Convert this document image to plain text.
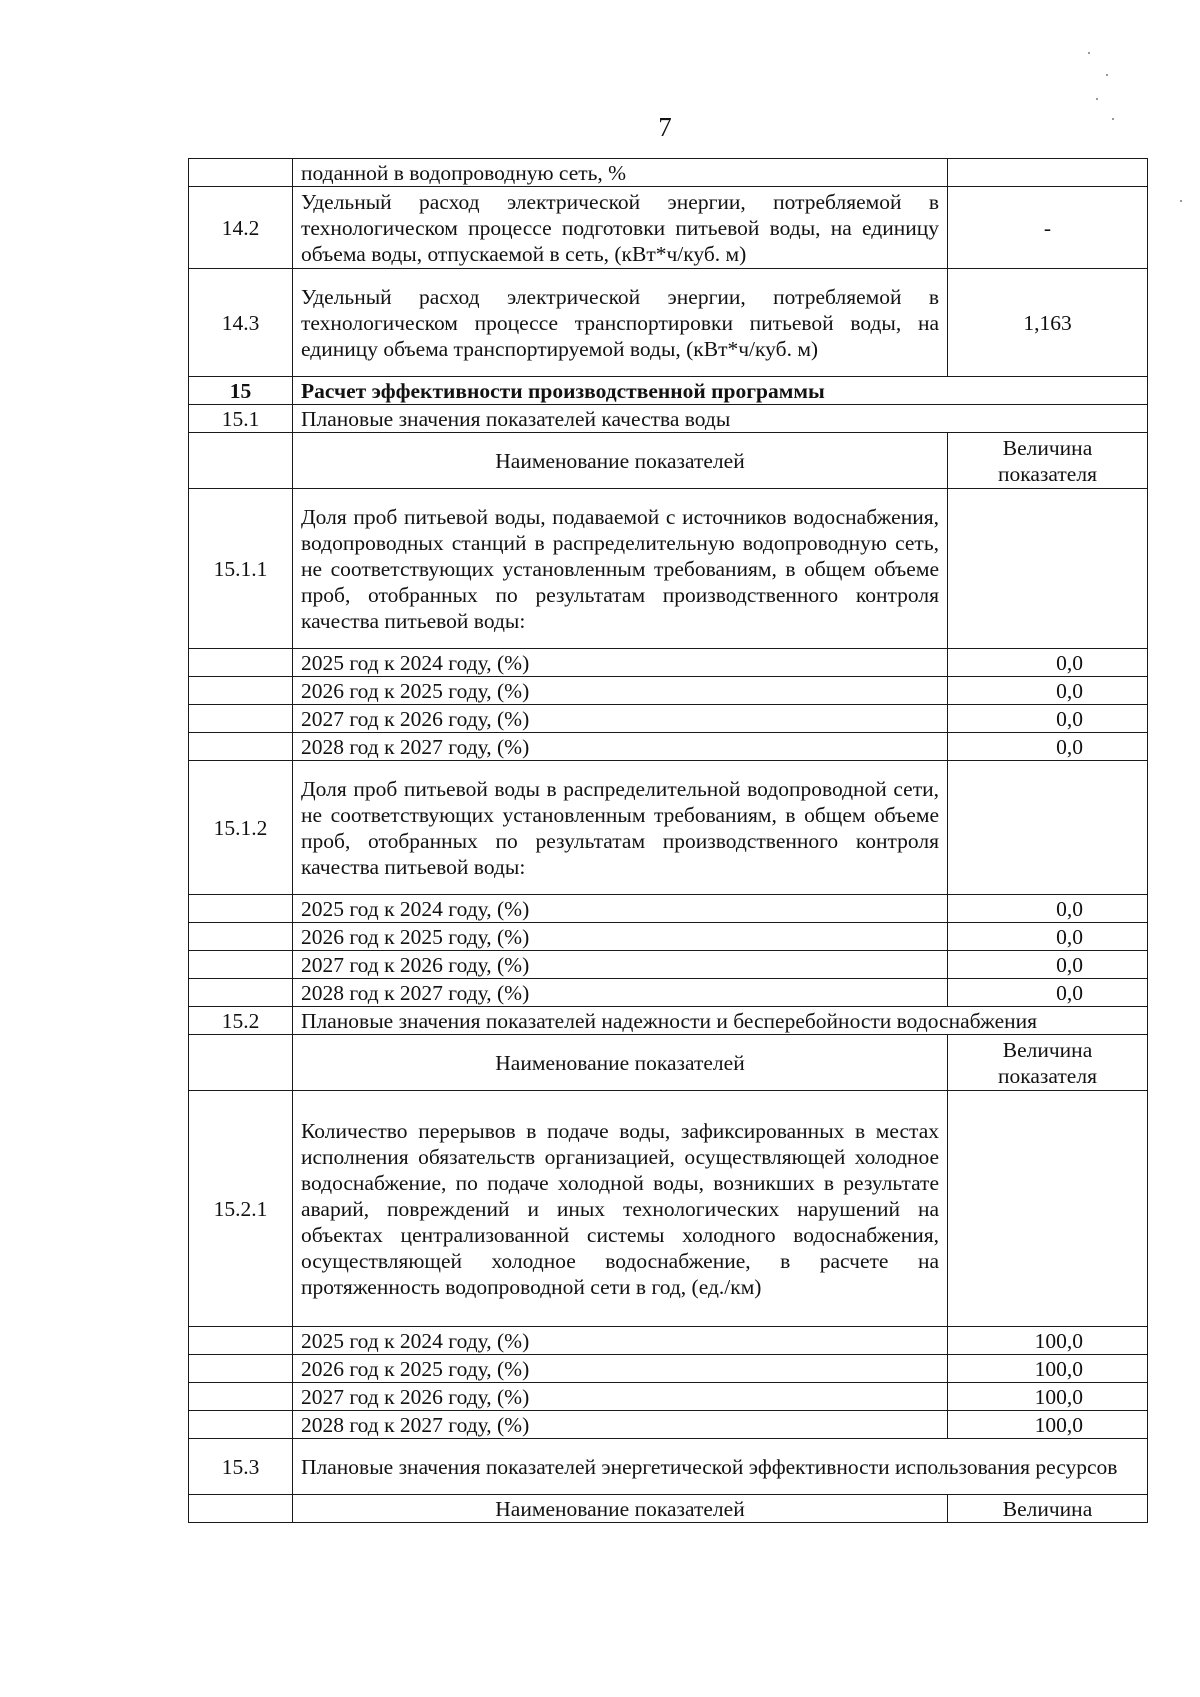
7
	поданной в водопроводную сеть, %	
14.2	Удельный расход электрической энергии, потребляемой в технологическом процессе подготовки питьевой воды, на единицу объема воды, отпускаемой в сеть, (кВт*ч/куб. м)	-
14.3	Удельный расход электрической энергии, потребляемой в технологическом процессе транспортировки питьевой воды, на единицу объема транспортируемой воды, (кВт*ч/куб. м)	1,163
15	Расчет эффективности производственной программы	
15.1	Плановые значения показателей качества воды	
	Наименование показателей	Величина показателя
15.1.1	Доля проб питьевой воды, подаваемой с источников водоснабжения, водопроводных станций в распределительную водопроводную сеть, не соответствующих установленным требованиям, в общем объеме проб, отобранных по результатам производственного контроля качества питьевой воды:	
	2025 год к 2024 году, (%)	0,0
	2026 год к 2025 году, (%)	0,0
	2027 год к 2026 году, (%)	0,0
	2028 год к 2027 году, (%)	0,0
15.1.2	Доля проб питьевой воды в распределительной водопроводной сети, не соответствующих установленным требованиям, в общем объеме проб, отобранных по результатам производственного контроля качества питьевой воды:	
	2025 год к 2024 году, (%)	0,0
	2026 год к 2025 году, (%)	0,0
	2027 год к 2026 году, (%)	0,0
	2028 год к 2027 году, (%)	0,0
15.2	Плановые значения показателей надежности и бесперебойности водоснабжения	
	Наименование показателей	Величина показателя
15.2.1	Количество перерывов в подаче воды, зафиксированных в местах исполнения обязательств организацией, осуществляющей холодное водоснабжение, по подаче холодной воды, возникших в результате аварий, повреждений и иных технологических нарушений на объектах централизованной системы холодного водоснабжения, осуществляющей холодное водоснабжение, в расчете на протяженность водопроводной сети в год, (ед./км)	
	2025 год к 2024 году, (%)	100,0
	2026 год к 2025 году, (%)	100,0
	2027 год к 2026 году, (%)	100,0
	2028 год к 2027 году, (%)	100,0
15.3	Плановые значения показателей энергетической эффективности использования ресурсов	
	Наименование показателей	Величина
